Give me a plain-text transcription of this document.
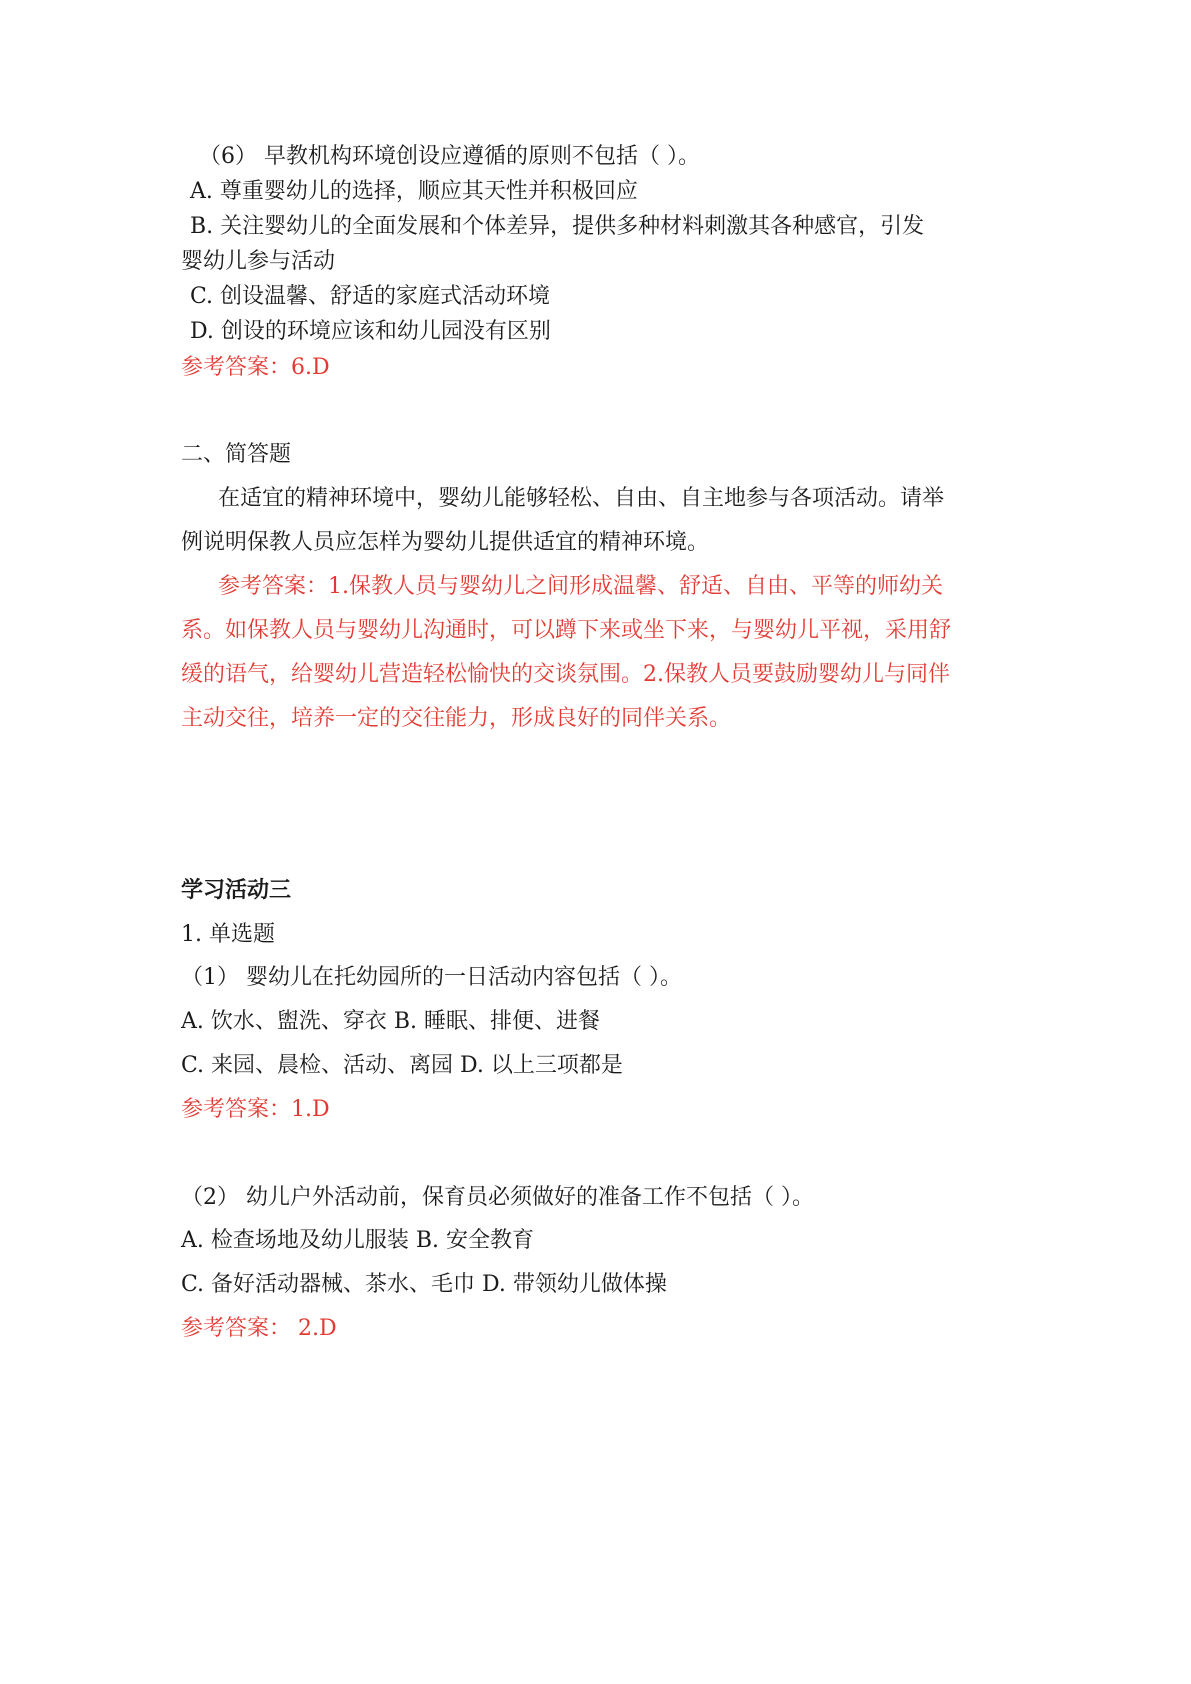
（6） 早教机构环境创设应遵循的原则不包括（ ）。
A. 尊重婴幼儿的选择，顺应其天性并积极回应
B. 关注婴幼儿的全面发展和个体差异，提供多种材料刺激其各种感官，引发
婴幼儿参与活动
C. 创设温馨、舒适的家庭式活动环境
D. 创设的环境应该和幼儿园没有区别
参考答案：6.D
二、简答题
在适宜的精神环境中，婴幼儿能够轻松、自由、自主地参与各项活动。请举
例说明保教人员应怎样为婴幼儿提供适宜的精神环境。
参考答案：1.保教人员与婴幼儿之间形成温馨、舒适、自由、平等的师幼关
系。如保教人员与婴幼儿沟通时，可以蹲下来或坐下来，与婴幼儿平视，采用舒
缓的语气，给婴幼儿营造轻松愉快的交谈氛围。2.保教人员要鼓励婴幼儿与同伴
主动交往，培养一定的交往能力，形成良好的同伴关系。
学习活动三
1. 单选题
（1） 婴幼儿在托幼园所的一日活动内容包括（ ）。
A. 饮水、盥洗、穿衣 B. 睡眠、排便、进餐
C. 来园、晨检、活动、离园 D. 以上三项都是
参考答案：1.D
（2） 幼儿户外活动前，保育员必须做好的准备工作不包括（ ）。
A. 检查场地及幼儿服装 B. 安全教育
C. 备好活动器械、茶水、毛巾 D. 带领幼儿做体操
参考答案： 2.D
